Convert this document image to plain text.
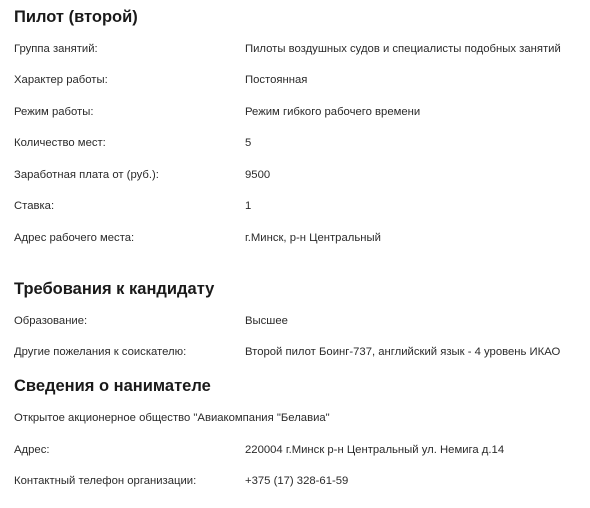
Пилот (второй)
Группа занятий:	Пилоты воздушных судов и специалисты подобных занятий
Характер работы:	Постоянная
Режим работы:	Режим гибкого рабочего времени
Количество мест:	5
Заработная плата от (руб.):	9500
Ставка:	1
Адрес рабочего места:	г.Минск, р-н Центральный
Требования к кандидату
Образование:	Высшее
Другие пожелания к соискателю:	Второй пилот Боинг-737, английский язык - 4 уровень ИКАО
Сведения о нанимателе
Открытое акционерное общество "Авиакомпания "Белавиа"
Адрес:	220004 г.Минск р-н Центральный ул. Немига д.14
Контактный телефон организации:	+375 (17) 328-61-59
